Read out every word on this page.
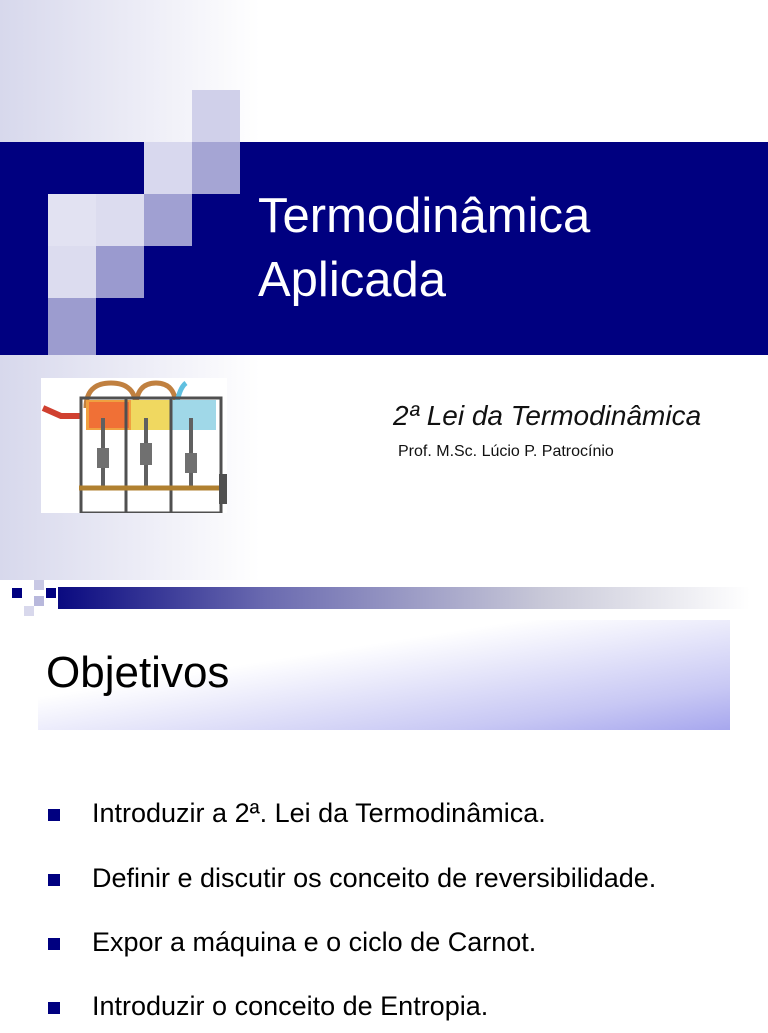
Termodinâmica
Aplicada
2ª Lei da Termodinâmica
Prof. M.Sc. Lúcio P. Patrocínio
Objetivos
Introduzir a 2ª. Lei da Termodinâmica.
Definir e discutir os conceito de reversibilidade.
Expor a máquina e o ciclo de Carnot.
Introduzir o conceito de Entropia.
